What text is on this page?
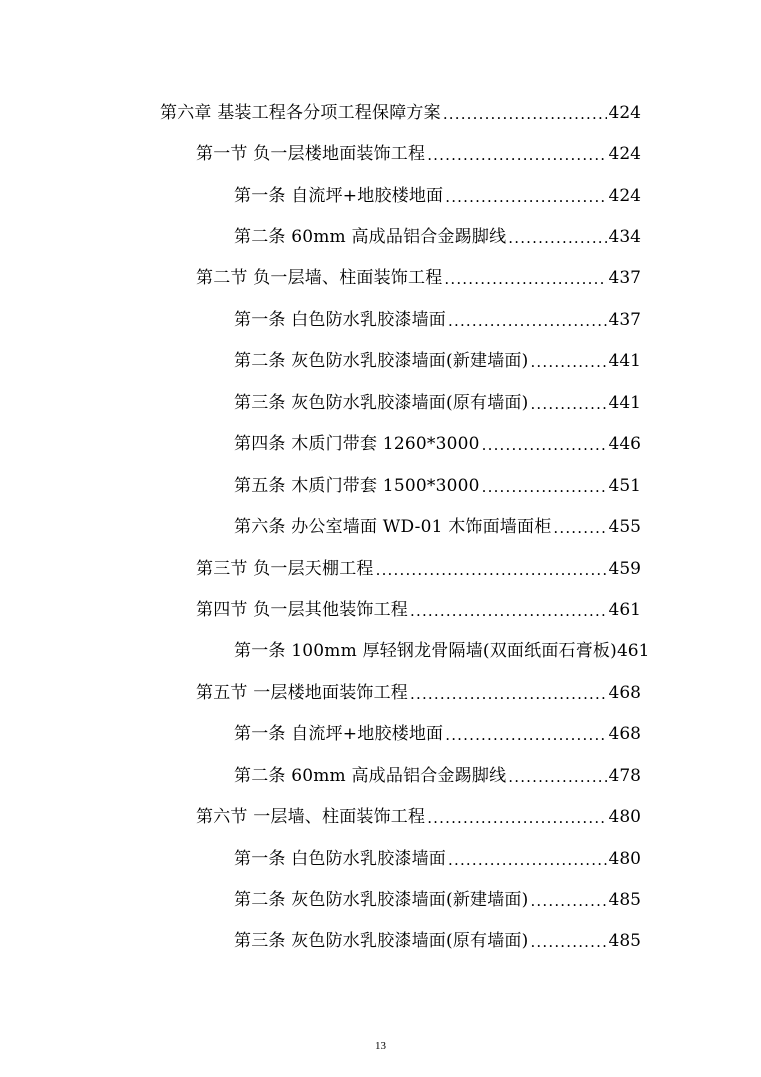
第六章 基装工程各分项工程保障方案 .....	424
第一节 负一层楼地面装饰工程 .....	424
第一条 自流坪+地胶楼地面 .....	424
第二条 60mm 高成品铝合金踢脚线 .....	434
第二节 负一层墙、柱面装饰工程 .....	437
第一条 白色防水乳胶漆墙面 .....	437
第二条 灰色防水乳胶漆墙面(新建墙面) .....	441
第三条 灰色防水乳胶漆墙面(原有墙面) .....	441
第四条 木质门带套 1260*3000 .....	446
第五条 木质门带套 1500*3000 .....	451
第六条 办公室墙面 WD-01 木饰面墙面柜 .....	455
第三节 负一层天棚工程 .....	459
第四节 负一层其他装饰工程 .....	461
第一条 100mm 厚轻钢龙骨隔墙(双面纸面石膏板) 461
第五节 一层楼地面装饰工程 .....	468
第一条 自流坪+地胶楼地面 .....	468
第二条 60mm 高成品铝合金踢脚线 .....	478
第六节 一层墙、柱面装饰工程 .....	480
第一条 白色防水乳胶漆墙面 .....	480
第二条 灰色防水乳胶漆墙面(新建墙面) .....	485
第三条 灰色防水乳胶漆墙面(原有墙面) .....	485
13
